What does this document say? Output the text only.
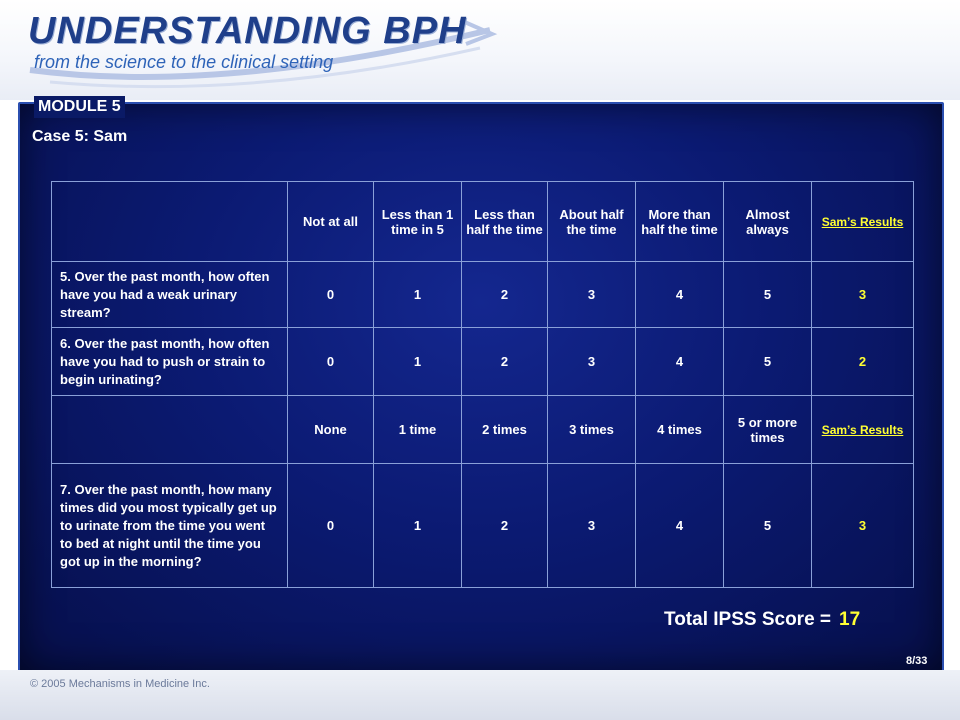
UNDERSTANDING BPH
from the science to the clinical setting
MODULE 5
Case 5: Sam
	Not at all	Less than 1 time in 5	Less than half the time	About half the time	More than half the time	Almost always	Sam’s Results
5. Over the past month, how often have you had a weak urinary stream?	0	1	2	3	4	5	3
6. Over the past month, how often have you had to push or strain to begin urinating?	0	1	2	3	4	5	2
	None	1 time	2 times	3 times	4 times	5 or more times	Sam’s Results
7. Over the past month, how many times did you most typically get up to urinate from the time you went to bed at night until the time you got up in the morning?	0	1	2	3	4	5	3
Total IPSS Score = 17
8/33
© 2005 Mechanisms in Medicine Inc.
